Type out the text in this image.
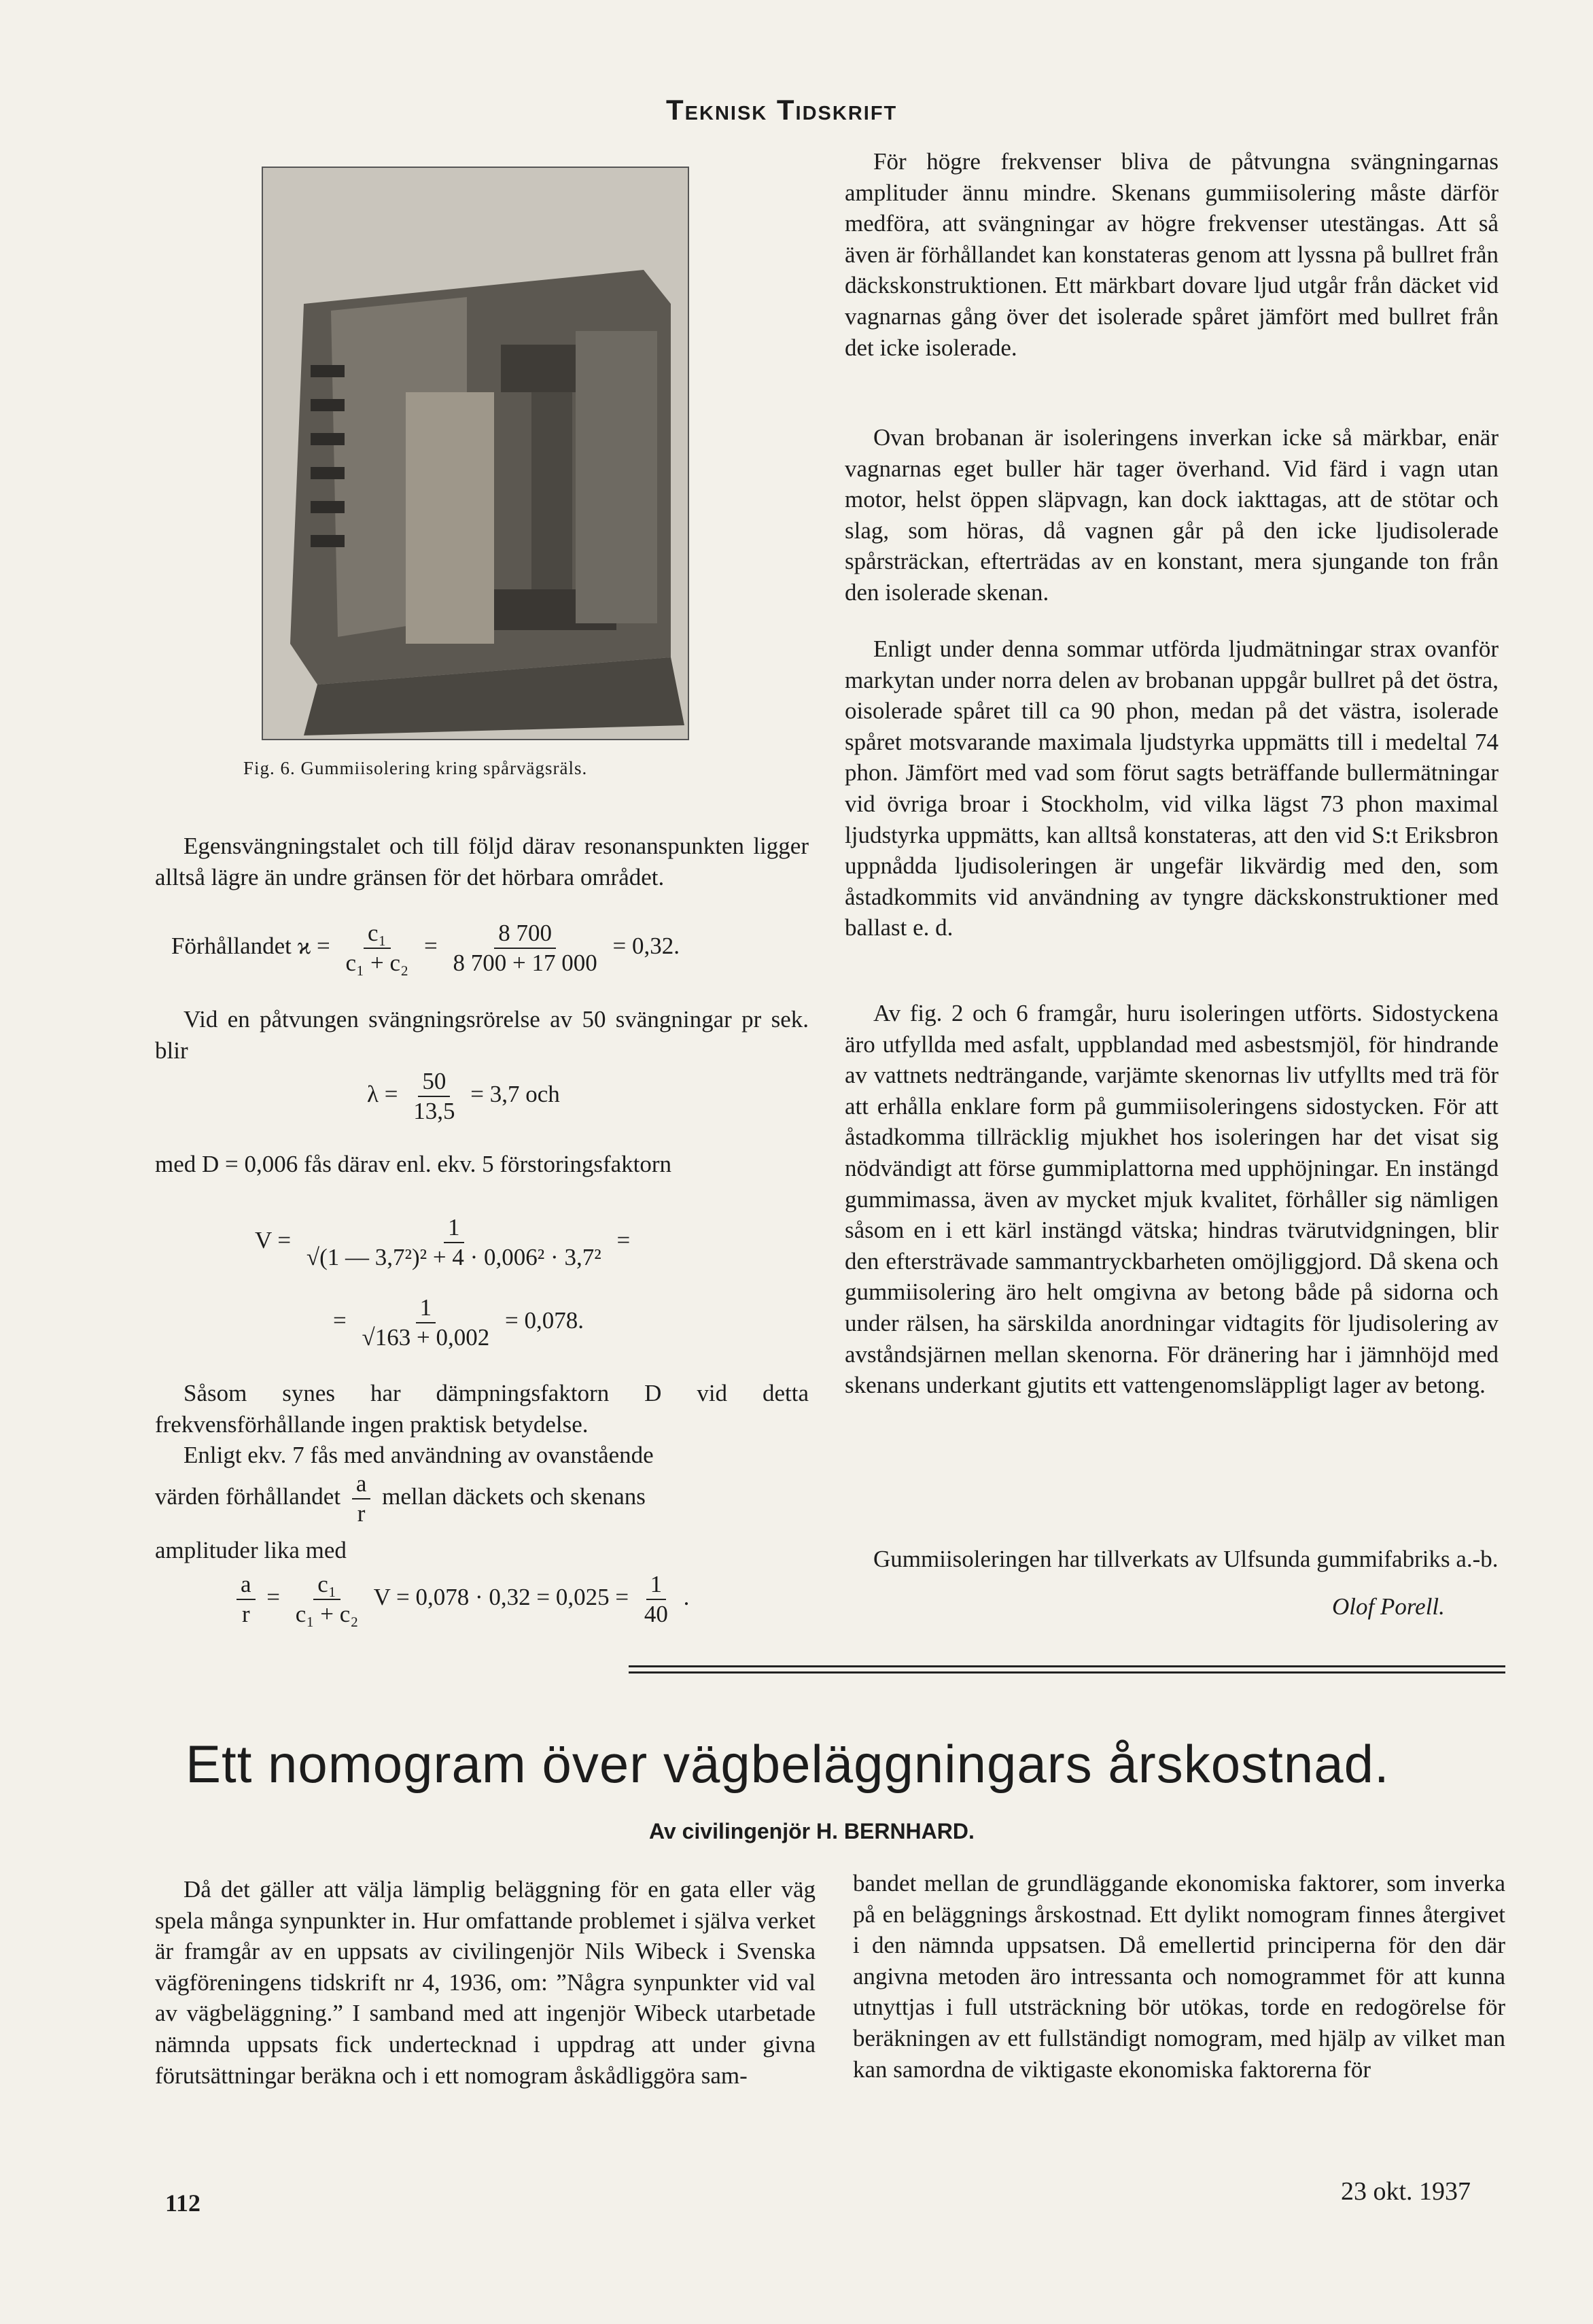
Teknisk Tidskrift
Fig. 6. Gummiisolering kring spårvägsräls.

Egensvängningstalet och till följd därav resonanspunkten ligger alltså lägre än undre gränsen för det hörbara området.

Förhållandet $ϰ = \frac{\text{c₁}}{\text{c₁ + c₂}} = \frac{8 700}{8 700 + 17 000} = 0,32$.

Vid en påtvungen svängningsrörelse av 50 svängningar pr sek. blir

$\lambda = \frac{50}{13,5} = 3,7$ och

med D = 0,006 fås därav enl. ekv. 5 förstoringsfaktorn

$V = \frac{1}{\text{√(1 — 3,7²)² + 4 · 0,006² · 3,7²}}$ =
= $\frac{1}{√163 + 0,002} = 0,078$.

Såsom synes har dämpningsfaktorn D vid detta frekvensförhållande ingen praktisk betydelse.

Enligt ekv. 7 fås med användning av ovanstående

värden förhållandet $\frac{a}{r}$ mellan däckets och skenans

amplituder lika med

$\frac{a}{r} = \frac{\text{c₁}}{\text{c₁ + c₂}}$ $V = 0,078 \cdot 0,32 = 0,025 = \frac{1}{40}$ .

För högre frekvenser bliva de påtvungna svängningarnas amplituder ännu mindre. Skenans gummiisolering måste därför medföra, att svängningar av högre frekvenser utestängas. Att så även är förhållandet kan konstateras genom att lyssna på bullret från däckskonstruktionen. Ett märkbart dovare ljud utgår från däcket vid vagnarnas gång över det isolerade spåret jämfört med bullret från det icke isolerade.

Ovan brobanan är isoleringens inverkan icke så märkbar, enär vagnarnas eget buller här tager överhand. Vid färd i vagn utan motor, helst öppen släpvagn, kan dock iakttagas, att de stötar och slag, som höras, då vagnen går på den icke ljudisolerade spårsträckan, efterträdas av en konstant, mera sjungande ton från den isolerade skenan.

Enligt under denna sommar utförda ljudmätningar strax ovanför markytan under norra delen av brobanan uppgår bullret på det östra, oisolerade spåret till ca 90 phon, medan på det västra, isolerade spåret motsvarande maximala ljudstyrka uppmätts till i medeltal 74 phon. Jämfört med vad som förut sagts beträffande bullermätningar vid övriga broar i Stockholm, vid vilka lägst 73 phon maximal ljudstyrka uppmätts, kan alltså konstateras, att den vid S:t Eriksbron uppnådda ljudisoleringen är ungefär likvärdig med den, som åstadkommits vid användning av tyngre däckskonstruktioner med ballast e. d.

Av fig. 2 och 6 framgår, huru isoleringen utförts. Sidostyckena äro utfyllda med asfalt, uppblandad med asbestsmjöl, för hindrande av vattnets nedträngande, varjämte skenornas liv utfyllts med trä för att erhålla enklare form på gummiisoleringens sidostycken. För att åstadkomma tillräcklig mjukhet hos isoleringen har det visat sig nödvändigt att förse gummiplattorna med upphöjningar. En instängd gummimassa, även av mycket mjuk kvalitet, förhåller sig nämligen såsom en i ett kärl instängd vätska; hindras tvärutvidgningen, blir den eftersträvade sammantryckbarheten omöjliggjord. Då skena och gummiisolering äro helt omgivna av betong både på sidorna och under rälsen, ha särskilda anordningar vidtagits för ljudisolering av avståndsjärnen mellan skenorna. För dränering har i jämnhöjd med skenans underkant gjutits ett vattengenomsläppligt lager av betong.

Gummiisoleringen har tillverkats av Ulfsunda gummifabriks a.-b.

Olof Porell.
Ett nomogram över vägbeläggningars årskostnad.
Av civilingenjör H. BERNHARD.

Då det gäller att välja lämplig beläggning för en gata eller väg spela många synpunkter in. Hur omfattande problemet i själva verket är framgår av en uppsats av civilingenjör Nils Wibeck i Svenska vägföreningens tidskrift nr 4, 1936, om: ”Några synpunkter vid val av vägbeläggning.” I samband med att ingenjör Wibeck utarbetade nämnda uppsats fick undertecknad i uppdrag att under givna förutsättningar beräkna och i ett nomogram åskådliggöra sam-

bandet mellan de grundläggande ekonomiska faktorer, som inverka på en beläggnings årskostnad. Ett dylikt nomogram finnes återgivet i den nämnda uppsatsen. Då emellertid principerna för den där angivna metoden äro intressanta och nomogrammet för att kunna utnyttjas i full utsträckning bör utökas, torde en redogörelse för beräkningen av ett fullständigt nomogram, med hjälp av vilket man kan samordna de viktigaste ekonomiska faktorerna för

112	23 okt. 1937
